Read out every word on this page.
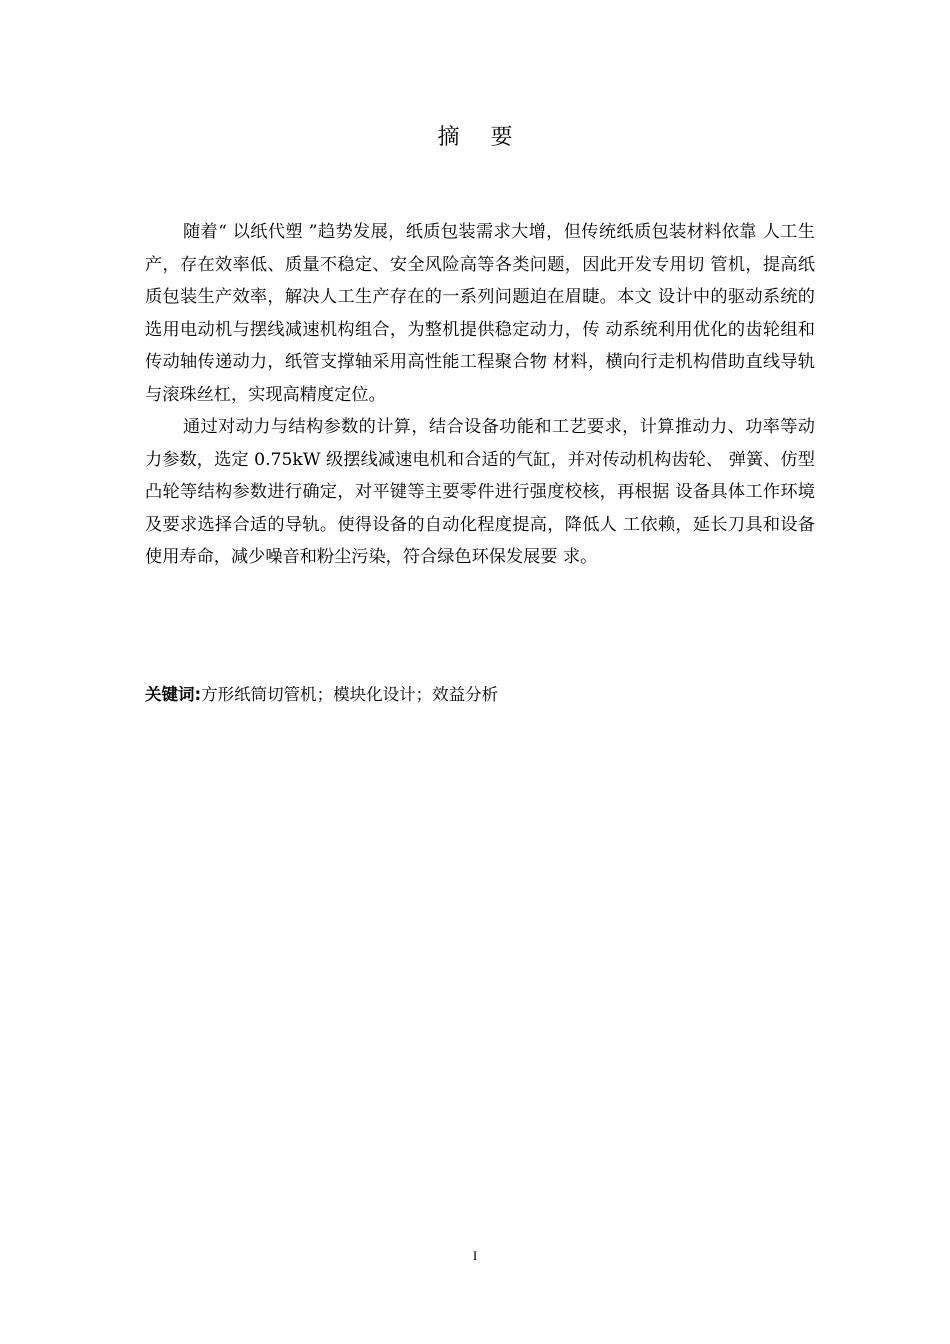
摘 要

随着“ 以纸代塑 ”趋势发展，纸质包装需求大增，但传统纸质包装材料依靠 人工生产，存在效率低、质量不稳定、安全风险高等各类问题，因此开发专用切 管机，提高纸质包装生产效率，解决人工生产存在的一系列问题迫在眉睫。本文 设计中的驱动系统的选用电动机与摆线减速机构组合，为整机提供稳定动力，传 动系统利用优化的齿轮组和传动轴传递动力，纸管支撑轴采用高性能工程聚合物 材料，横向行走机构借助直线导轨与滚珠丝杠，实现高精度定位。

通过对动力与结构参数的计算，结合设备功能和工艺要求，计算推动力、功率等动力参数，选定 0.75kW 级摆线减速电机和合适的气缸，并对传动机构齿轮、 弹簧、仿型凸轮等结构参数进行确定，对平键等主要零件进行强度校核，再根据 设备具体工作环境及要求选择合适的导轨。使得设备的自动化程度提高，降低人 工依赖，延长刀具和设备使用寿命，减少噪音和粉尘污染，符合绿色环保发展要 求。

关键词:方形纸筒切管机；模块化设计；效益分析
I
